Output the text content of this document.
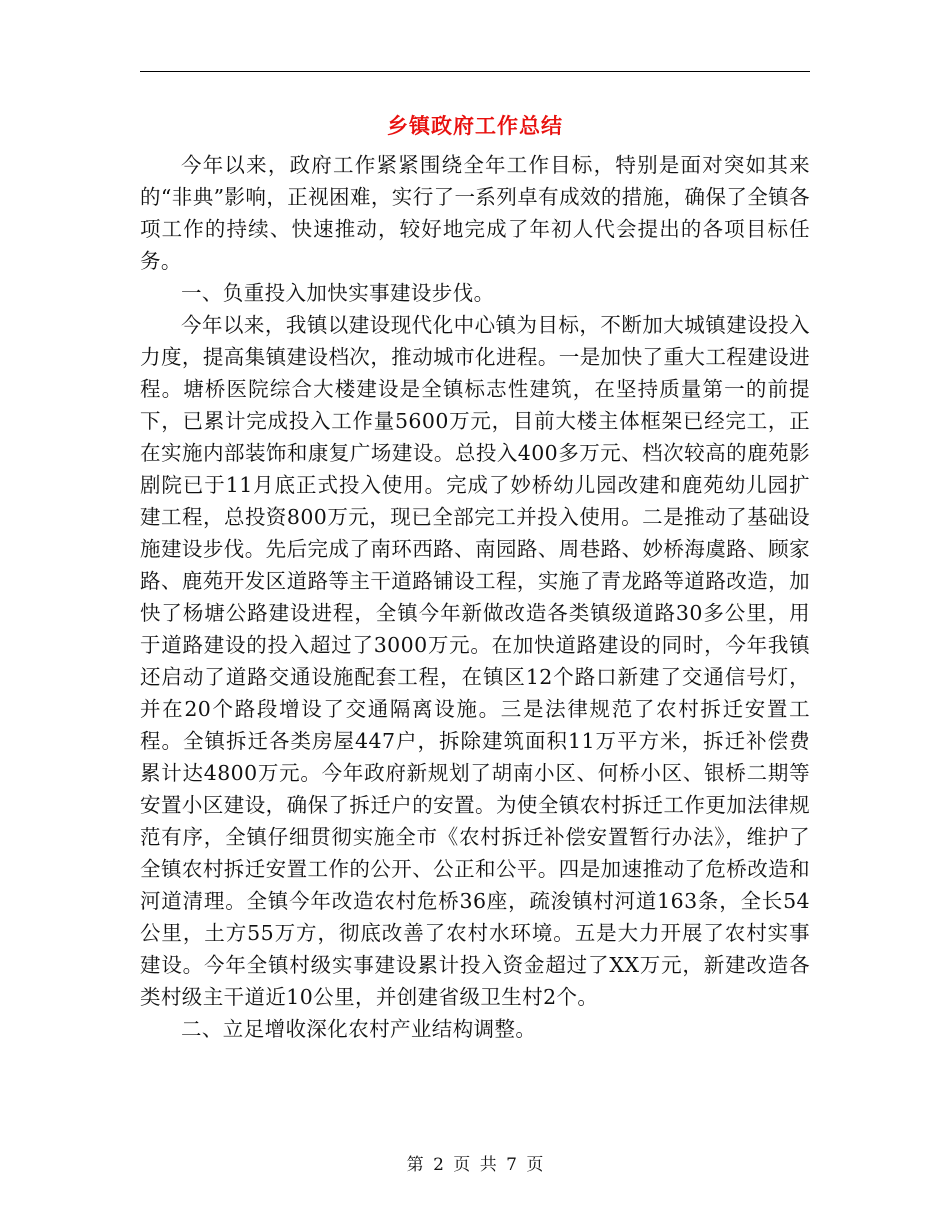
乡镇政府工作总结

今年以来，政府工作紧紧围绕全年工作目标，特别是面对突如其来的“非典”影响，正视困难，实行了一系列卓有成效的措施，确保了全镇各项工作的持续、快速推动，较好地完成了年初人代会提出的各项目标任务。

一、负重投入加快实事建设步伐。

今年以来，我镇以建设现代化中心镇为目标，不断加大城镇建设投入力度，提高集镇建设档次，推动城市化进程。一是加快了重大工程建设进程。塘桥医院综合大楼建设是全镇标志性建筑，在坚持质量第一的前提下，已累计完成投入工作量5600万元，目前大楼主体框架已经完工，正在实施内部装饰和康复广场建设。总投入400多万元、档次较高的鹿苑影剧院已于11月底正式投入使用。完成了妙桥幼儿园改建和鹿苑幼儿园扩建工程，总投资800万元，现已全部完工并投入使用。二是推动了基础设施建设步伐。先后完成了南环西路、南园路、周巷路、妙桥海虞路、顾家路、鹿苑开发区道路等主干道路铺设工程，实施了青龙路等道路改造，加快了杨塘公路建设进程，全镇今年新做改造各类镇级道路30多公里，用于道路建设的投入超过了3000万元。在加快道路建设的同时，今年我镇还启动了道路交通设施配套工程，在镇区12个路口新建了交通信号灯，并在20个路段增设了交通隔离设施。三是法律规范了农村拆迁安置工程。全镇拆迁各类房屋447户，拆除建筑面积11万平方米，拆迁补偿费累计达4800万元。今年政府新规划了胡南小区、何桥小区、银桥二期等安置小区建设，确保了拆迁户的安置。为使全镇农村拆迁工作更加法律规范有序，全镇仔细贯彻实施全市《农村拆迁补偿安置暂行办法》，维护了全镇农村拆迁安置工作的公开、公正和公平。四是加速推动了危桥改造和河道清理。全镇今年改造农村危桥36座，疏浚镇村河道163条，全长54公里，土方55万方，彻底改善了农村水环境。五是大力开展了农村实事建设。今年全镇村级实事建设累计投入资金超过了XX万元，新建改造各类村级主干道近10公里，并创建省级卫生村2个。

二、立足增收深化农村产业结构调整。

第 2 页 共 7 页
